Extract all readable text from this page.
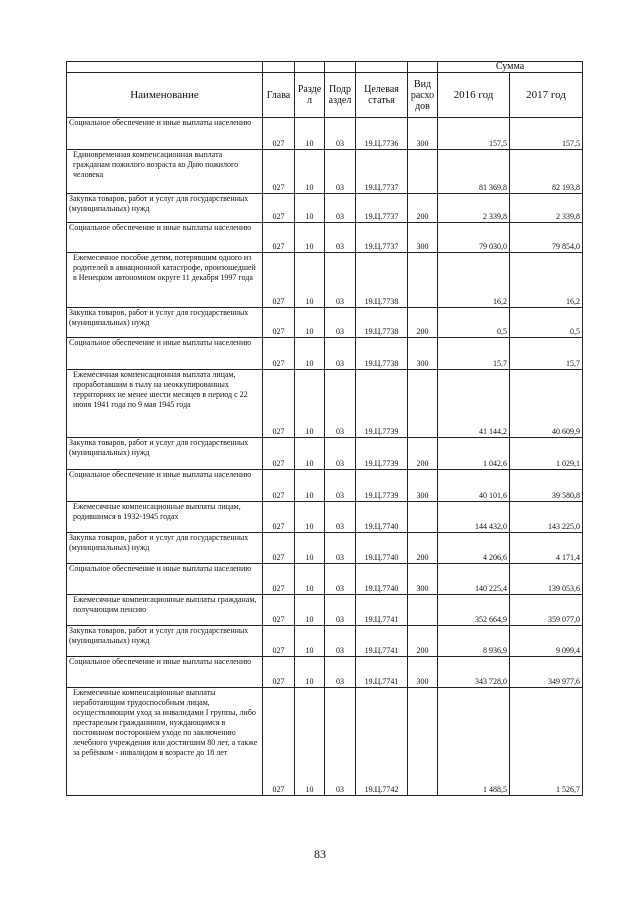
						Сумма	
Наименование	Глава	Разде л	Подр аздел	Целевая статья	Вид расхо дов	2016 год	2017 год
Социальное обеспечение и иные выплаты населению	027	10	03	19.Ц.7736	300	157,5	157,5
Единовременная компенсационная выплата гражданам пожилого возраста ко Дню пожилого человека	027	10	03	19.Ц.7737		81 369,8	82 193,8
Закупка товаров, работ и услуг для государственных (муниципальных) нужд	027	10	03	19.Ц.7737	200	2 339,8	2 339,8
Социальное обеспечение и иные выплаты населению	027	10	03	19.Ц.7737	300	79 030,0	79 854,0
Ежемесячное пособие детям, потерявшим одного из родителей в авиационной катастрофе, произошедшей в Ненецком автономном округе 11 декабря 1997 года	027	10	03	19.Ц.7738		16,2	16,2
Закупка товаров, работ и услуг для государственных (муниципальных) нужд	027	10	03	19.Ц.7738	200	0,5	0,5
Социальное обеспечение и иные выплаты населению	027	10	03	19.Ц.7738	300	15,7	15,7
Ежемесячная компенсационная выплата лицам, проработавшим в тылу на неоккупированных территориях не менее шести месяцев в период с 22 июня 1941 года по 9 мая 1945 года	027	10	03	19.Ц.7739		41 144,2	40 609,9
Закупка товаров, работ и услуг для государственных (муниципальных) нужд	027	10	03	19.Ц.7739	200	1 042,6	1 029,1
Социальное обеспечение и иные выплаты населению	027	10	03	19.Ц.7739	300	40 101,6	39 580,8
Ежемесячные компенсационные выплаты лицам, родившимся в 1932-1945 годах	027	10	03	19.Ц.7740		144 432,0	143 225,0
Закупка товаров, работ и услуг для государственных (муниципальных) нужд	027	10	03	19.Ц.7740	200	4 206,6	4 171,4
Социальное обеспечение и иные выплаты населению	027	10	03	19.Ц.7740	300	140 225,4	139 053,6
Ежемесячные компенсационные выплаты гражданам, получающим пенсию	027	10	03	19.Ц.7741		352 664,9	359 077,0
Закупка товаров, работ и услуг для государственных (муниципальных) нужд	027	10	03	19.Ц.7741	200	8 936,9	9 099,4
Социальное обеспечение и иные выплаты населению	027	10	03	19.Ц.7741	300	343 728,0	349 977,6
Ежемесячные компенсационные выплаты неработающим трудоспособным лицам, осуществляющим уход за инвалидами I группы, либо престарелым гражданином, нуждающимся в постоянном постороннем уходе по заключению лечебного учреждения или достигшим 80 лет, а также за ребёнком - инвалидом в возрасте до 18 лет	027	10	03	19.Ц.7742		1 488,5	1 526,7
83
